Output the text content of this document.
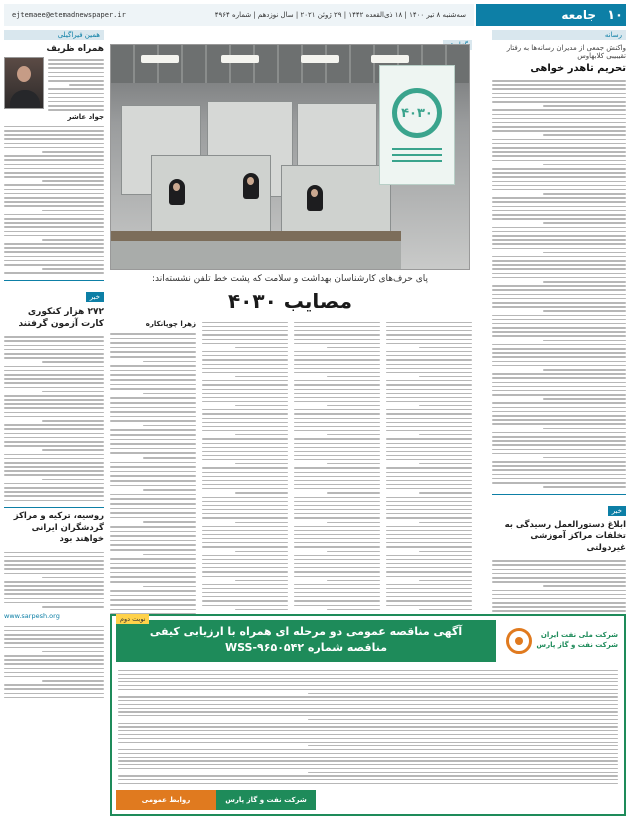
سه‌شنبه ۸ تیر ۱۴۰۰ | ۱۸ ذی‌القعده ۱۴۴۲ | ۲۹ ژوئن ۲۰۲۱ | سال نوزدهم | شماره ۴۹۶۴
ejtemaee@etemadnewspaper.ir	جامعه ۱۰
رسانه
واکنش جمعی از مدیران رسانه‌ها به رفتار تقیبیبی کلابهاوس
تحریم تا‌هدر خواهی
خبر
ابلاغ دستورالعمل رسیدگی به تخلفات مراکز آموزشی غیردولتی
همین فیراگیلی
همراه ظریف
جواد عاشر
خبر
۲۷۲ هزار کنکوری کارت آزمون گرفتند
روسیه، ترکیه و مراکز گردشگران ایرانی خواهند بود
www.sarpesh.org
۴۰۳۰
پای حرف‌های کارشناسان بهداشت و سلامت که پشت خط تلفن نشسته‌اند:
مصایب ۴۰۳۰
زهرا چوپانکاره
آگهی مناقصه عمومی دو مرحله ای همراه با ارزیابی کیفی
مناقصه شماره ۹۶۵۰۵۴۲-WSS
نوبت دوم
شرکت ملی نفت ایران
شرکت نفت و گاز پارس
شرکت نفت و گاز پارس
روابط عمومی
